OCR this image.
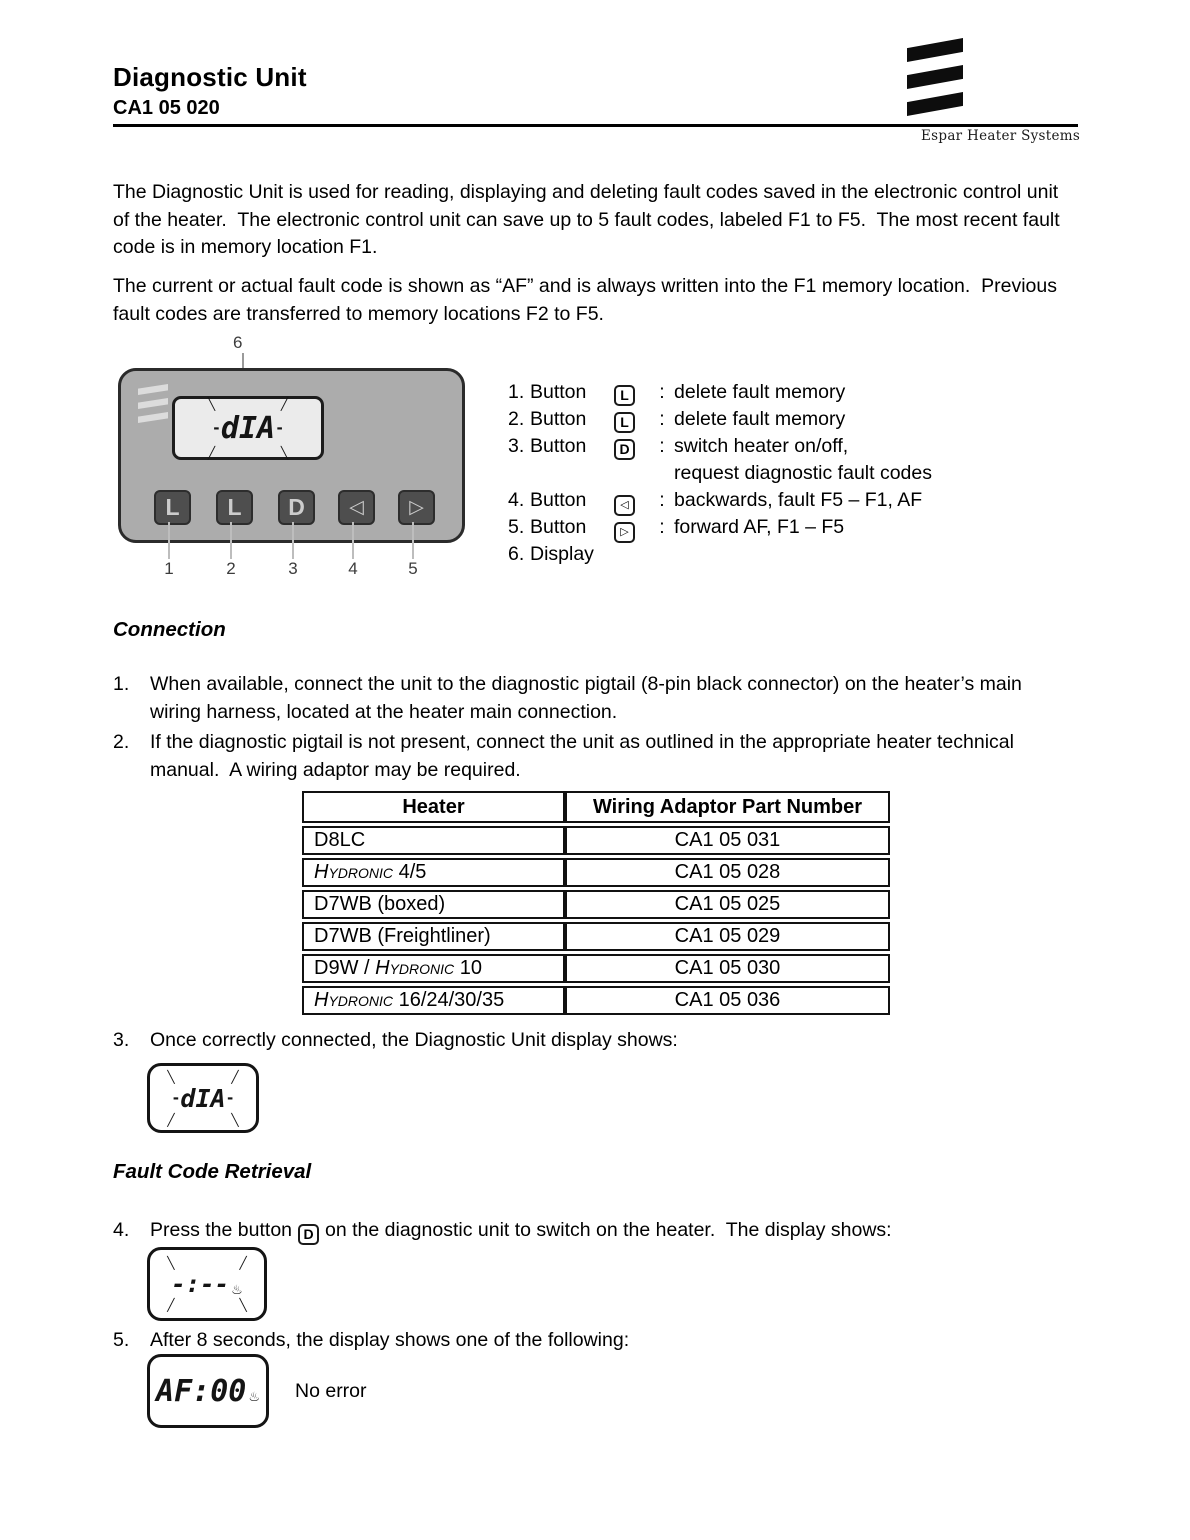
Diagnostic Unit
CA1 05 020
Espar Heater Systems
The Diagnostic Unit is used for reading, displaying and deleting fault codes saved in the electronic control unit of the heater.  The electronic control unit can save up to 5 fault codes, labeled F1 to F5.  The most recent fault code is in memory location F1.
The current or actual fault code is shown as “AF” and is always written into the F1 memory location.  Previous fault codes are transferred to memory locations F2 to F5.
6
╲	╱
╱	╲
- dIA -
L	L	D	◁	▷
1	2	3	4	5
1. Button	L	: delete fault memory
2. Button	L	: delete fault memory
3. Button	D	: switch heater on/off,
request diagnostic fault codes
4. Button	◁	: backwards, fault F5 – F1, AF
5. Button	▷	: forward AF, F1 – F5
6. Display
Connection
1.	When available, connect the unit to the diagnostic pigtail (8-pin black connector) on the heater’s main wiring harness, located at the heater main connection.
2.	If the diagnostic pigtail is not present, connect the unit as outlined in the appropriate heater technical manual.  A wiring adaptor may be required.
Heater	Wiring Adaptor Part Number
D8LC	CA1 05 031
Hydronic 4/5	CA1 05 028
D7WB (boxed)	CA1 05 025
D7WB (Freightliner)	CA1 05 029
D9W / Hydronic 10	CA1 05 030
Hydronic 16/24/30/35	CA1 05 036
3.	Once correctly connected, the Diagnostic Unit display shows:
╲	╱
╱	╲
- dIA -
Fault Code Retrieval
4.	Press the button D on the diagnostic unit to switch on the heater.  The display shows:
╲	╱
╱	╲
-:-- ♨
5.	After 8 seconds, the display shows one of the following:
AF:00 ♨ No error
